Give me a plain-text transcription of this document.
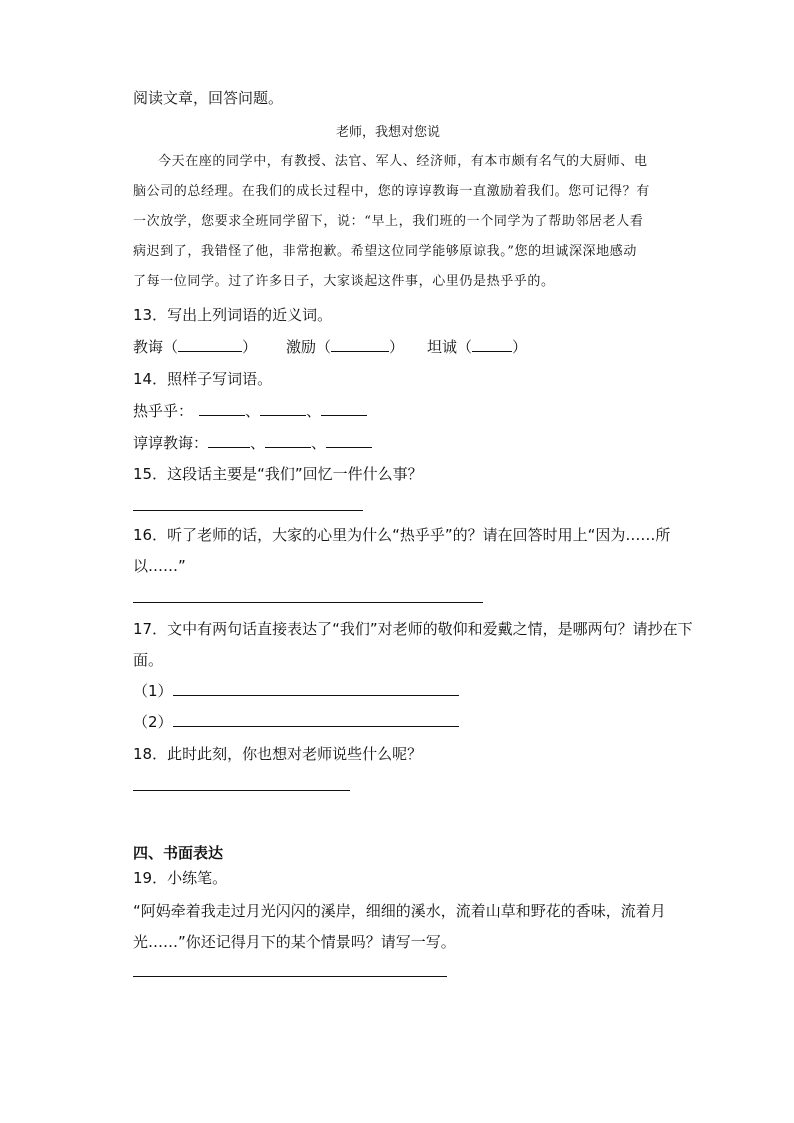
阅读文章，回答问题。
老师，我想对您说
今天在座的同学中，有教授、法官、军人、经济师，有本市颇有名气的大厨师、电
脑公司的总经理。在我们的成长过程中，您的谆谆教诲一直激励着我们。您可记得？有
一次放学，您要求全班同学留下，说：“早上，我们班的一个同学为了帮助邻居老人看
病迟到了，我错怪了他，非常抱歉。希望这位同学能够原谅我。”您的坦诚深深地感动
了每一位同学。过了许多日子，大家谈起这件事，心里仍是热乎乎的。
13．写出上列词语的近义词。
教诲（	） 激励（	） 坦诚（	）
14．照样子写词语。
热乎乎：	、	、
谆谆教诲：	、	、
15．这段话主要是“我们”回忆一件什么事？
16．听了老师的话，大家的心里为什么“热乎乎”的？请在回答时用上“因为……所
以……”
17．文中有两句话直接表达了“我们”对老师的敬仰和爱戴之情，是哪两句？请抄在下
面。
（1）
（2）
18．此时此刻，你也想对老师说些什么呢？
四、书面表达
19．小练笔。
“阿妈牵着我走过月光闪闪的溪岸，细细的溪水，流着山草和野花的香味，流着月
光……”你还记得月下的某个情景吗？请写一写。
